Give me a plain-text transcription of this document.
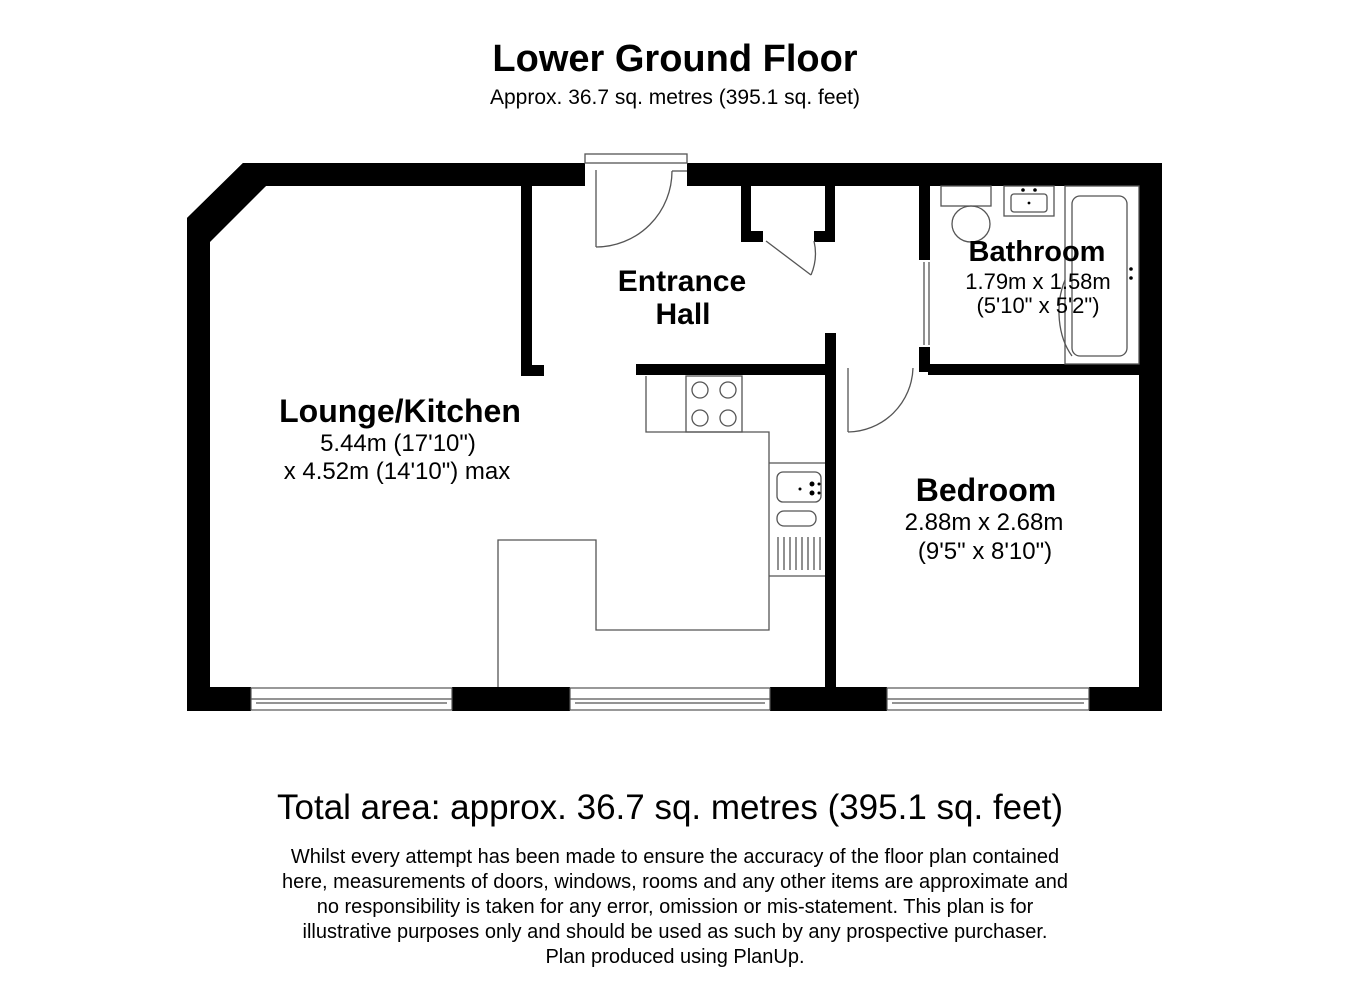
Lower Ground Floor
Approx. 36.7 sq. metres (395.1 sq. feet)
Lounge/Kitchen
5.44m (17'10")
x 4.52m (14'10") max
Entrance
Hall
Bathroom
1.79m x 1.58m
(5'10" x 5'2")
Bedroom
2.88m x 2.68m
(9'5" x 8'10")
Total area: approx. 36.7 sq. metres (395.1 sq. feet)
Whilst every attempt has been made to ensure the accuracy of the floor plan contained
here, measurements of doors, windows, rooms and any other items are approximate and
no responsibility is taken for any error, omission or mis-statement. This plan is for
illustrative purposes only and should be used as such by any prospective purchaser.
Plan produced using PlanUp.
